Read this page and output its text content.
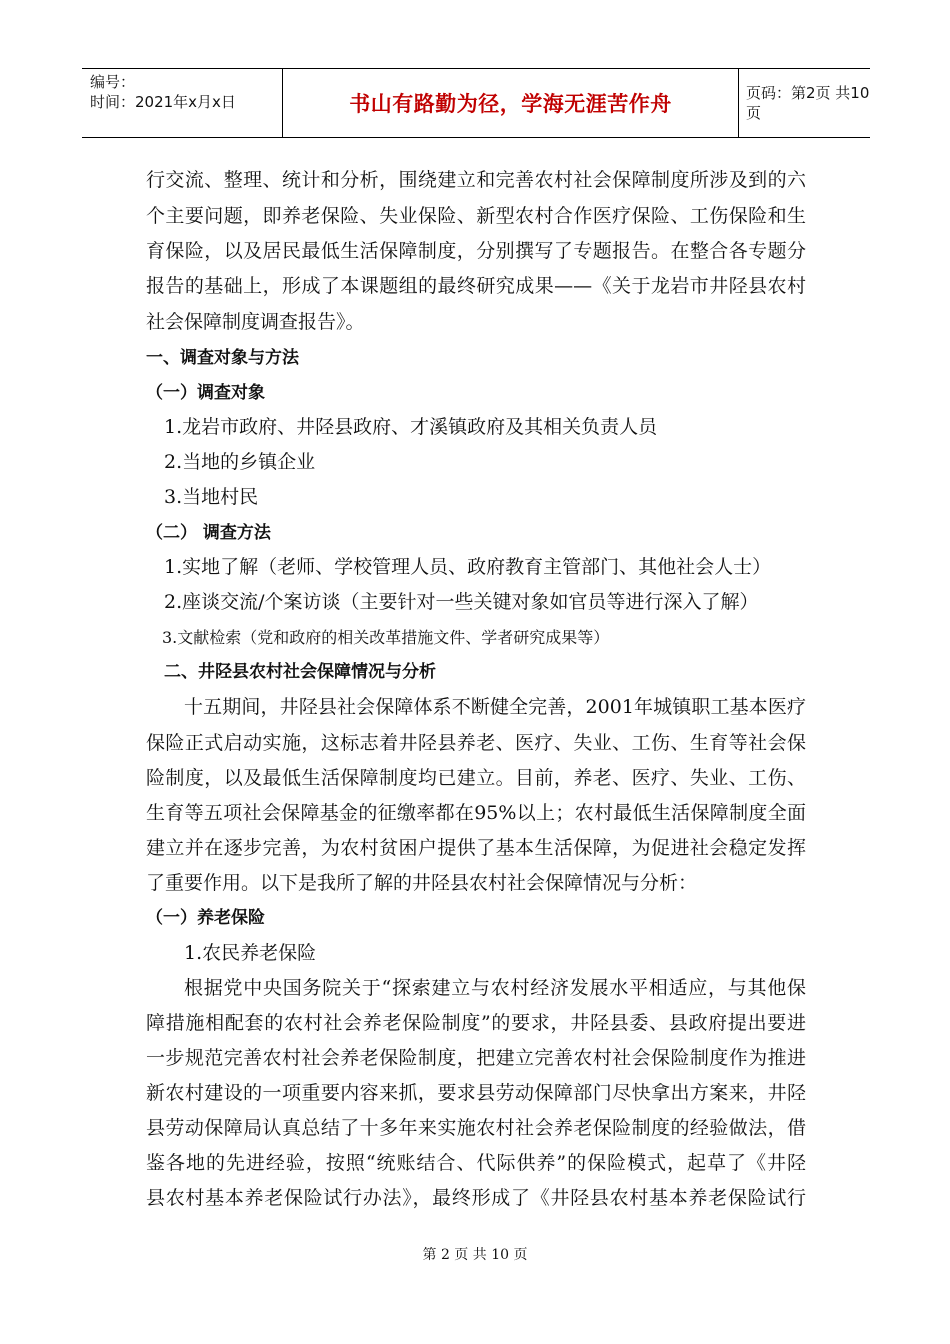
编号：
时间：2021年x月x日	书山有路勤为径，学海无涯苦作舟	页码：第2页 共10页
行交流、整理、统计和分析，围绕建立和完善农村社会保障制度所涉及到的六
个主要问题，即养老保险、失业保险、新型农村合作医疗保险、工伤保险和生
育保险，以及居民最低生活保障制度，分别撰写了专题报告。在整合各专题分
报告的基础上，形成了本课题组的最终研究成果——《关于龙岩市井陉县农村
社会保障制度调查报告》。
一、调查对象与方法
（一）调查对象
1.龙岩市政府、井陉县政府、才溪镇政府及其相关负责人员
2.当地的乡镇企业
3.当地村民
（二） 调查方法
1.实地了解（老师、学校管理人员、政府教育主管部门、其他社会人士）
2.座谈交流/个案访谈（主要针对一些关键对象如官员等进行深入了解）
3.文献检索（党和政府的相关改革措施文件、学者研究成果等）
二、井陉县农村社会保障情况与分析
十五期间，井陉县社会保障体系不断健全完善，2001年城镇职工基本医疗
保险正式启动实施，这标志着井陉县养老、医疗、失业、工伤、生育等社会保
险制度，以及最低生活保障制度均已建立。目前，养老、医疗、失业、工伤、
生育等五项社会保障基金的征缴率都在95%以上；农村最低生活保障制度全面
建立并在逐步完善，为农村贫困户提供了基本生活保障，为促进社会稳定发挥
了重要作用。以下是我所了解的井陉县农村社会保障情况与分析：
（一）养老保险
1.农民养老保险
根据党中央国务院关于“探索建立与农村经济发展水平相适应，与其他保
障措施相配套的农村社会养老保险制度”的要求，井陉县委、县政府提出要进
一步规范完善农村社会养老保险制度，把建立完善农村社会保险制度作为推进
新农村建设的一项重要内容来抓，要求县劳动保障部门尽快拿出方案来，井陉
县劳动保障局认真总结了十多年来实施农村社会养老保险制度的经验做法，借
鉴各地的先进经验，按照“统账结合、代际供养”的保险模式，起草了《井陉
县农村基本养老保险试行办法》，最终形成了《井陉县农村基本养老保险试行
第 2 页 共 10 页
